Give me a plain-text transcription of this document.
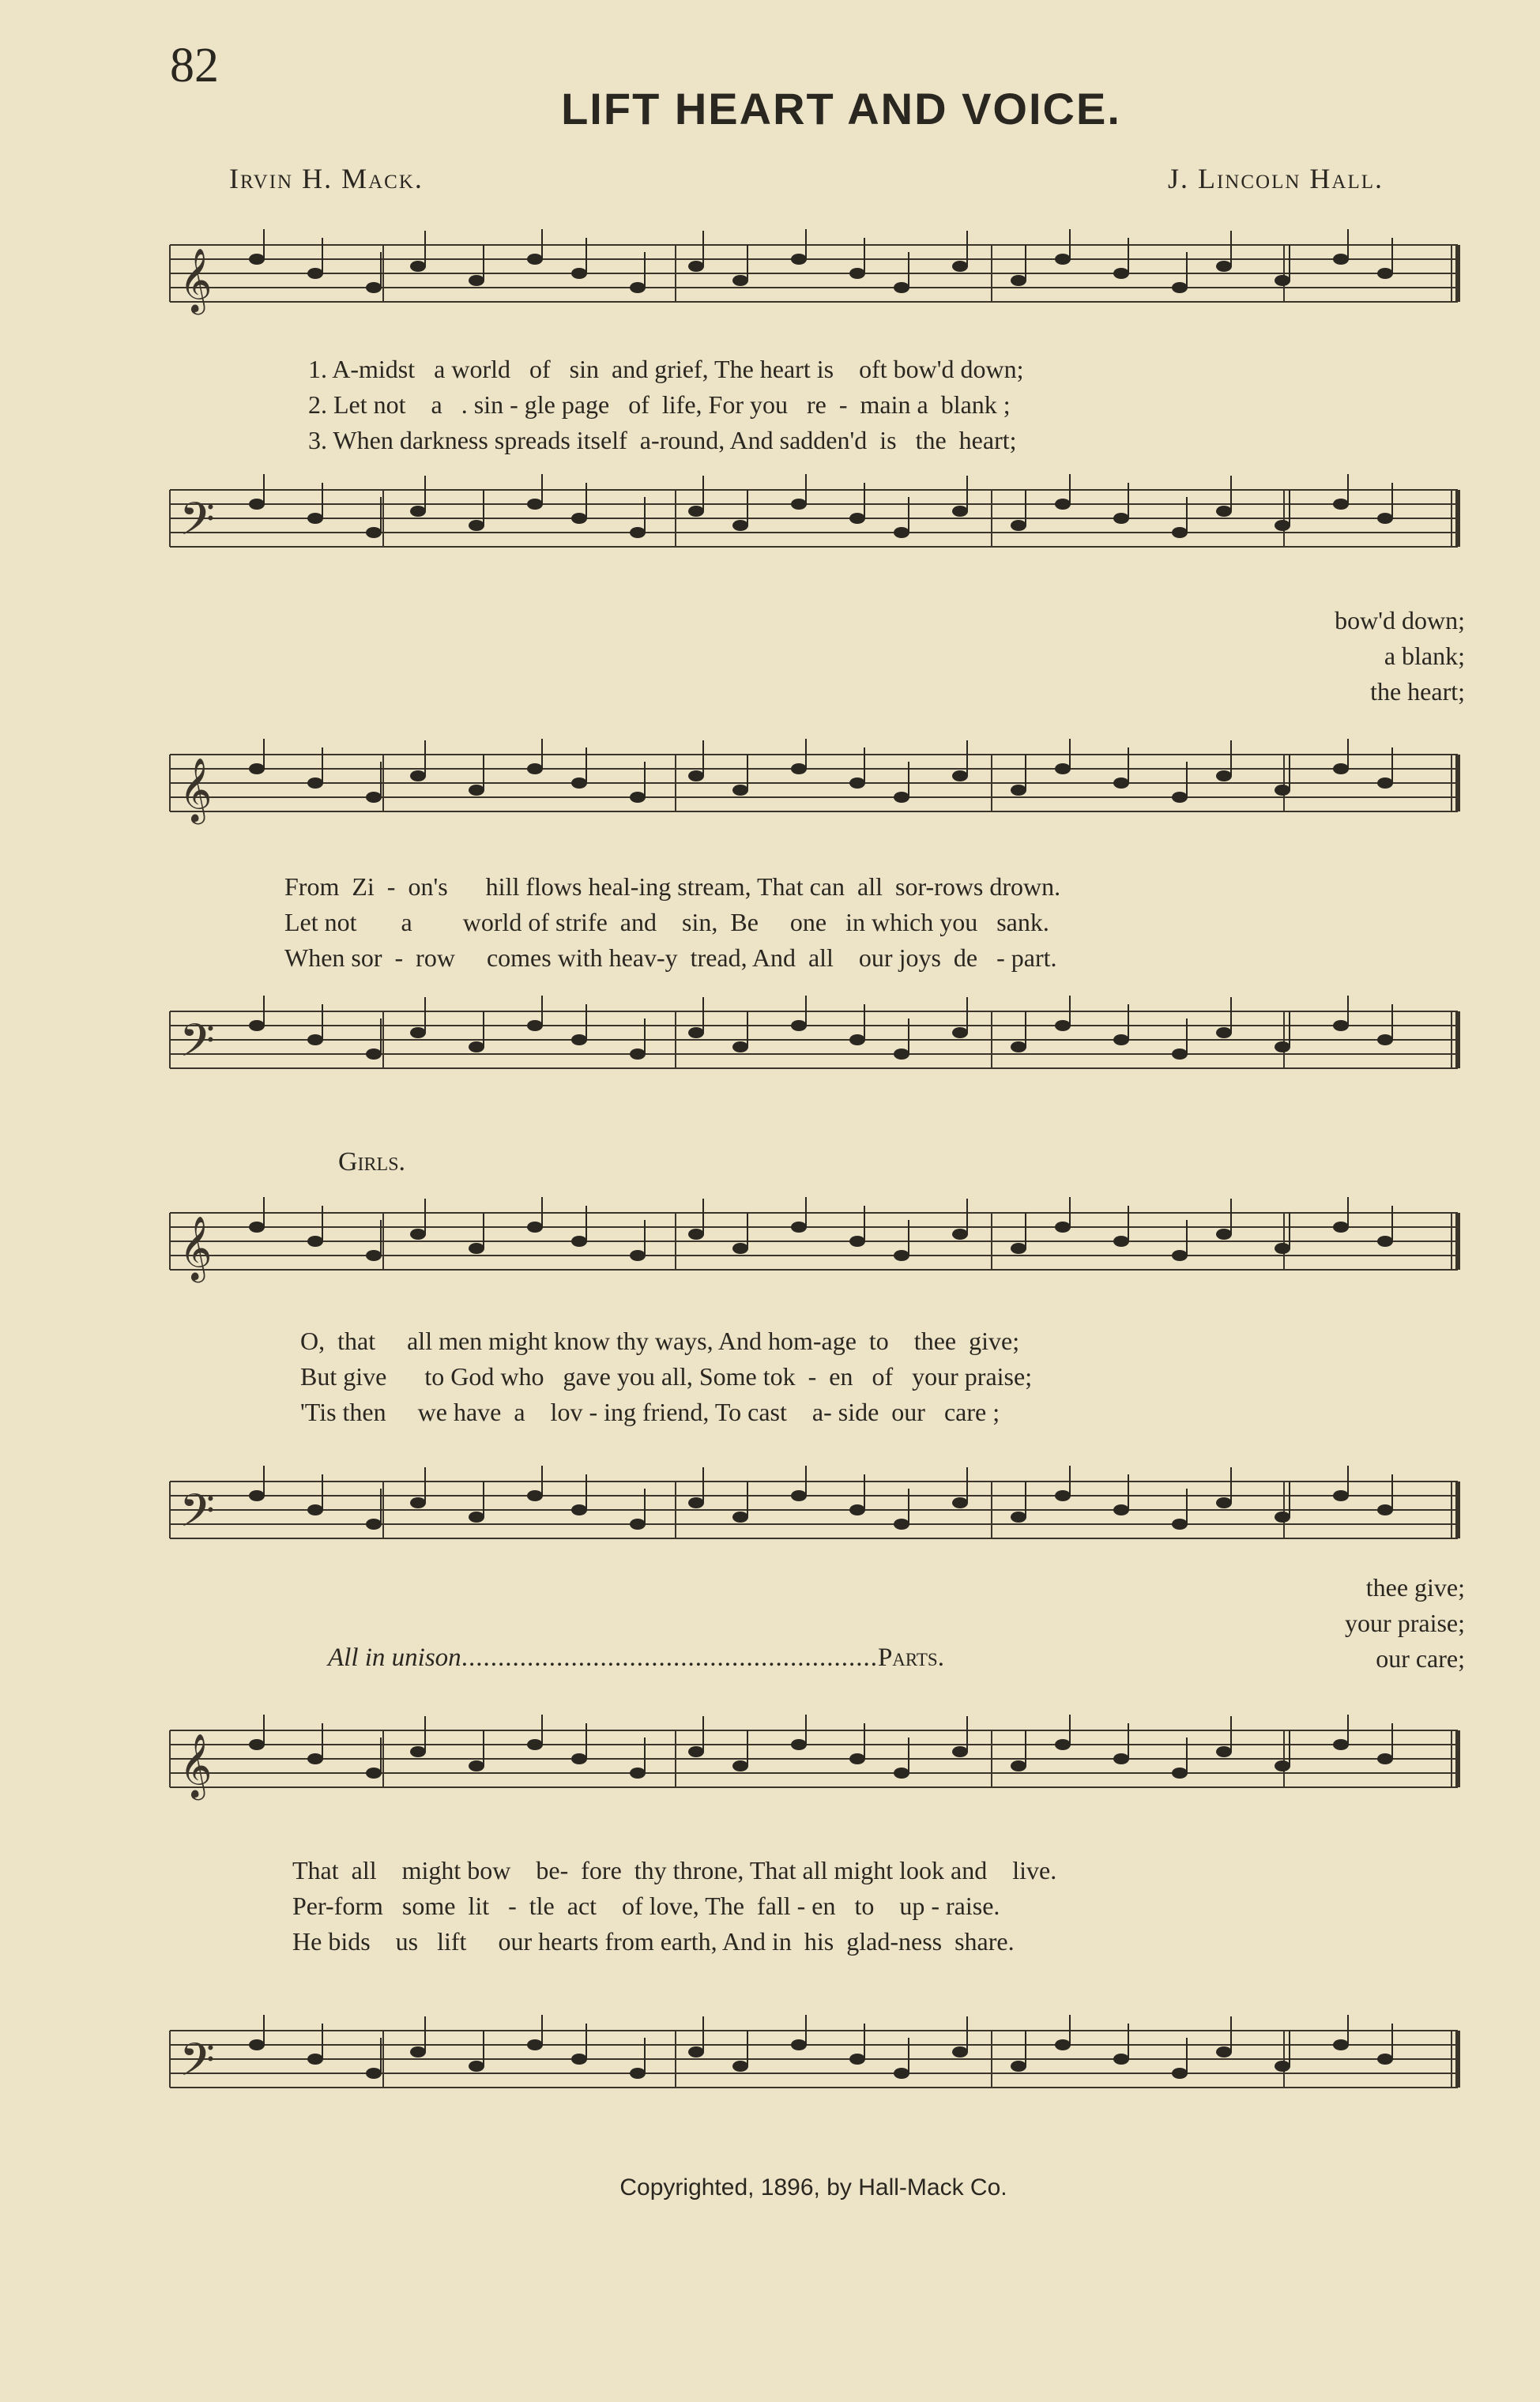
82
LIFT HEART AND VOICE.
Irvin H. Mack.	J. Lincoln Hall.
𝄞
𝄢
1. A-midst   a world   of   sin  and grief, The heart is    oft bow'd down;
2. Let not    a   . sin - gle page   of  life, For you   re  -  main a  blank ;
3. When darkness spreads itself  a-round, And sadden'd  is   the  heart;
bow'd down;
a blank;
the heart;
𝄞
𝄢
From  Zi  -  on's      hill flows heal-ing stream, That can  all  sor-rows drown.
Let not       a        world of strife  and    sin,  Be     one   in which you   sank.
When sor  -  row     comes with heav-y  tread, And  all    our joys  de   - part.
Girls.
𝄞
𝄢
O,  that     all men might know thy ways, And hom-age  to    thee  give;
But give      to God who   gave you all, Some tok  -  en   of   your praise;
'Tis then     we have  a    lov - ing friend, To cast    a- side  our   care ;
thee give;
your praise;
our care;
All in unison.........................................................Parts.
𝄞
𝄢
That  all    might bow    be-  fore  thy throne, That all might look and    live.
Per-form   some  lit   -  tle  act    of love, The  fall - en   to    up - raise.
He bids    us   lift     our hearts from earth, And in  his  glad-ness  share.
Copyrighted, 1896, by Hall-Mack Co.
